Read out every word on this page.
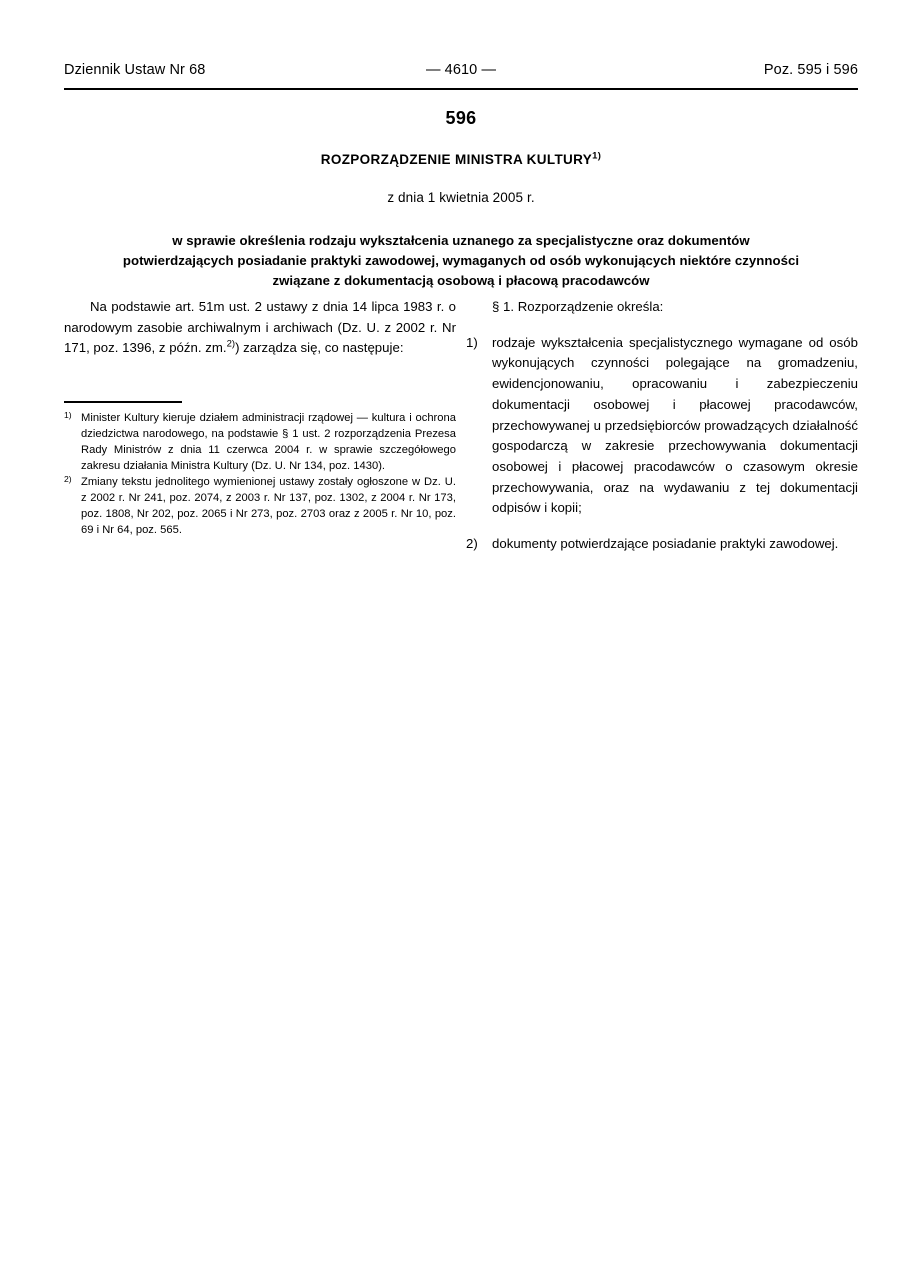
Dziennik Ustaw Nr 68	— 4610 —	Poz. 595 i 596
596
ROZPORZĄDZENIE MINISTRA KULTURY$^{1)}$
z dnia 1 kwietnia 2005 r.
w sprawie określenia rodzaju wykształcenia uznanego za specjalistyczne oraz dokumentów
potwierdzających posiadanie praktyki zawodowej, wymaganych od osób wykonujących niektóre czynności
związane z dokumentacją osobową i płacową pracodawców

Na podstawie art. 51m ust. 2 ustawy z dnia 14 lipca 1983 r. o narodowym zasobie archiwalnym i archiwach (Dz. U. z 2002 r. Nr 171, poz. 1396, z późn. zm.$^{2)}$) zarządza się, co następuje:

1) Minister Kultury kieruje działem administracji rządowej — kultura i ochrona dziedzictwa narodowego, na podstawie § 1 ust. 2 rozporządzenia Prezesa Rady Ministrów z dnia 11 czerwca 2004 r. w sprawie szczegółowego zakresu działania Ministra Kultury (Dz. U. Nr 134, poz. 1430).
2) Zmiany tekstu jednolitego wymienionej ustawy zostały ogłoszone w Dz. U. z 2002 r. Nr 241, poz. 2074, z 2003 r. Nr 137, poz. 1302, z 2004 r. Nr 173, poz. 1808, Nr 202, poz. 2065 i Nr 273, poz. 2703 oraz z 2005 r. Nr 10, poz. 69 i Nr 64, poz. 565.

§ 1. Rozporządzenie określa:

1)	rodzaje wykształcenia specjalistycznego wymagane od osób wykonujących czynności polegające na gromadzeniu, ewidencjonowaniu, opracowaniu i zabezpieczeniu dokumentacji osobowej i płacowej pracodawców, przechowywanej u przedsiębiorców prowadzących działalność gospodarczą w zakresie przechowywania dokumentacji osobowej i płacowej pracodawców o czasowym okresie przechowywania, oraz na wydawaniu z tej dokumentacji odpisów i kopii;
2)	dokumenty potwierdzające posiadanie praktyki zawodowej.
